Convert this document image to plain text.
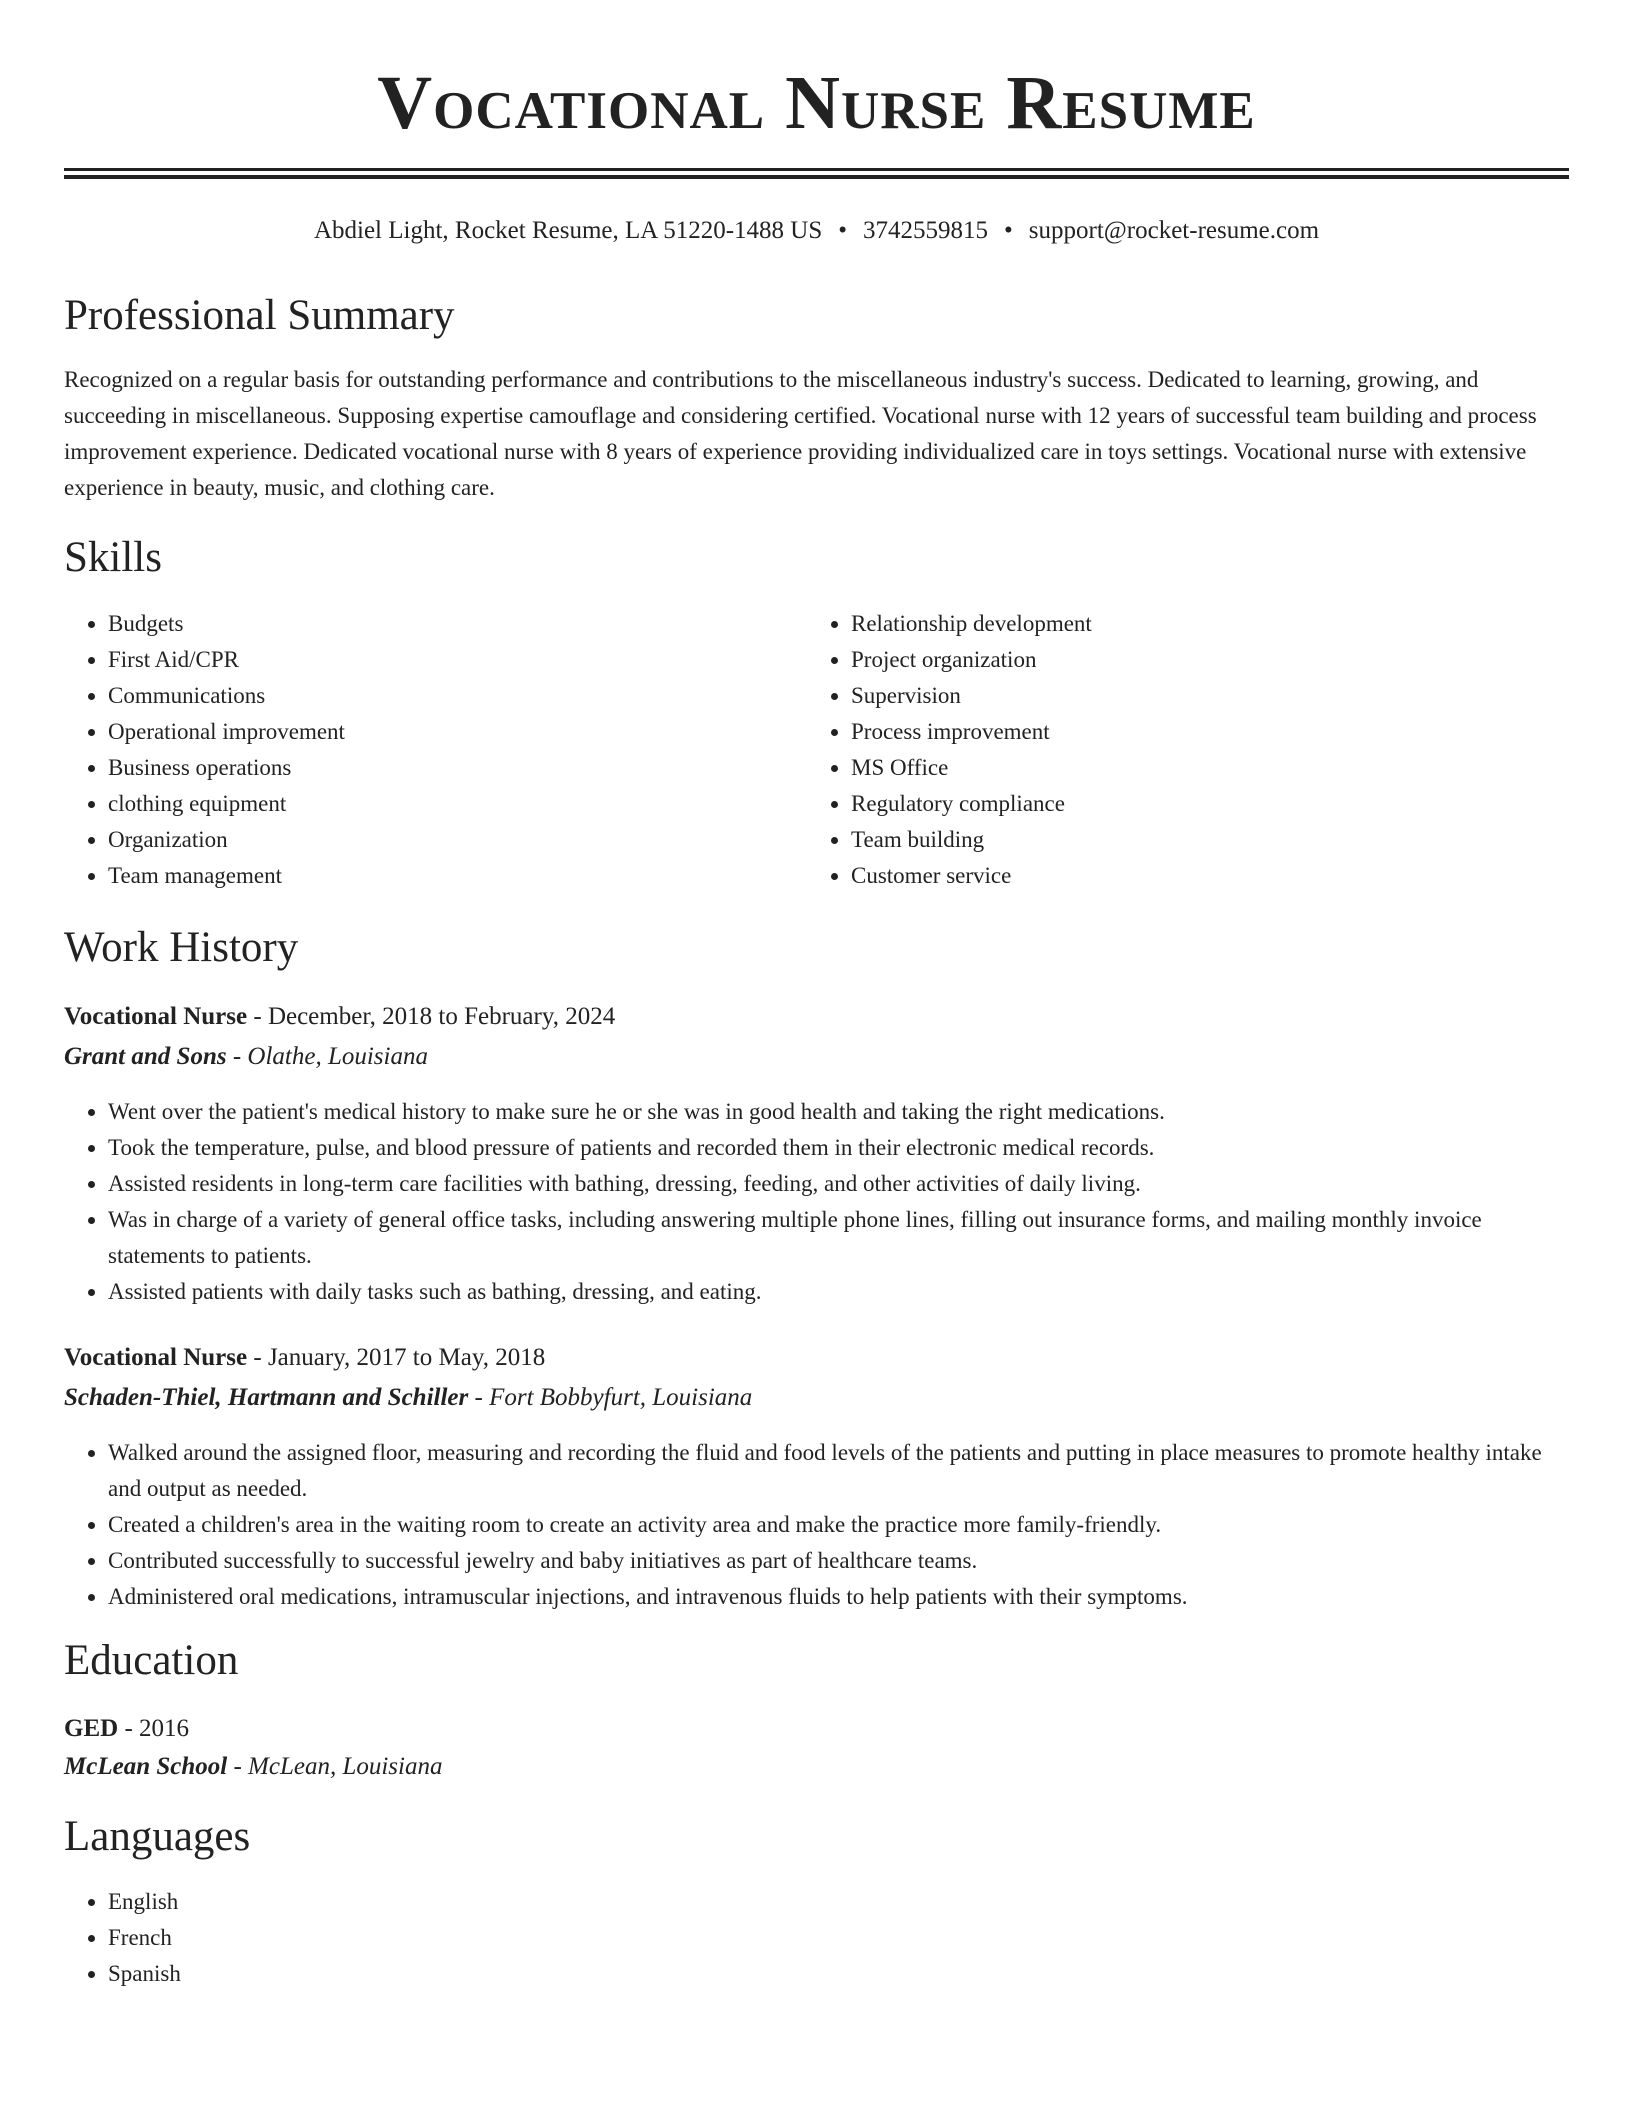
Vocational Nurse Resume
Abdiel Light, Rocket Resume, LA 51220-1488 US • 3742559815 • support@rocket-resume.com
Professional Summary

Recognized on a regular basis for outstanding performance and contributions to the miscellaneous industry's success. Dedicated to learning, growing, and succeeding in miscellaneous. Supposing expertise camouflage and considering certified. Vocational nurse with 12 years of successful team building and process improvement experience. Dedicated vocational nurse with 8 years of experience providing individualized care in toys settings. Vocational nurse with extensive experience in beauty, music, and clothing care.

Skills
• Budgets
• First Aid/CPR
• Communications
• Operational improvement
• Business operations
• clothing equipment
• Organization
• Team management
• Relationship development
• Project organization
• Supervision
• Process improvement
• MS Office
• Regulatory compliance
• Team building
• Customer service
Work History
Vocational Nurse - December, 2018 to February, 2024
Grant and Sons - Olathe, Louisiana
• Went over the patient's medical history to make sure he or she was in good health and taking the right medications.
• Took the temperature, pulse, and blood pressure of patients and recorded them in their electronic medical records.
• Assisted residents in long-term care facilities with bathing, dressing, feeding, and other activities of daily living.
• Was in charge of a variety of general office tasks, including answering multiple phone lines, filling out insurance forms, and mailing monthly invoice statements to patients.
• Assisted patients with daily tasks such as bathing, dressing, and eating.
Vocational Nurse - January, 2017 to May, 2018
Schaden-Thiel, Hartmann and Schiller - Fort Bobbyfurt, Louisiana
• Walked around the assigned floor, measuring and recording the fluid and food levels of the patients and putting in place measures to promote healthy intake and output as needed.
• Created a children's area in the waiting room to create an activity area and make the practice more family-friendly.
• Contributed successfully to successful jewelry and baby initiatives as part of healthcare teams.
• Administered oral medications, intramuscular injections, and intravenous fluids to help patients with their symptoms.
Education
GED - 2016
McLean School - McLean, Louisiana
Languages
• English
• French
• Spanish
